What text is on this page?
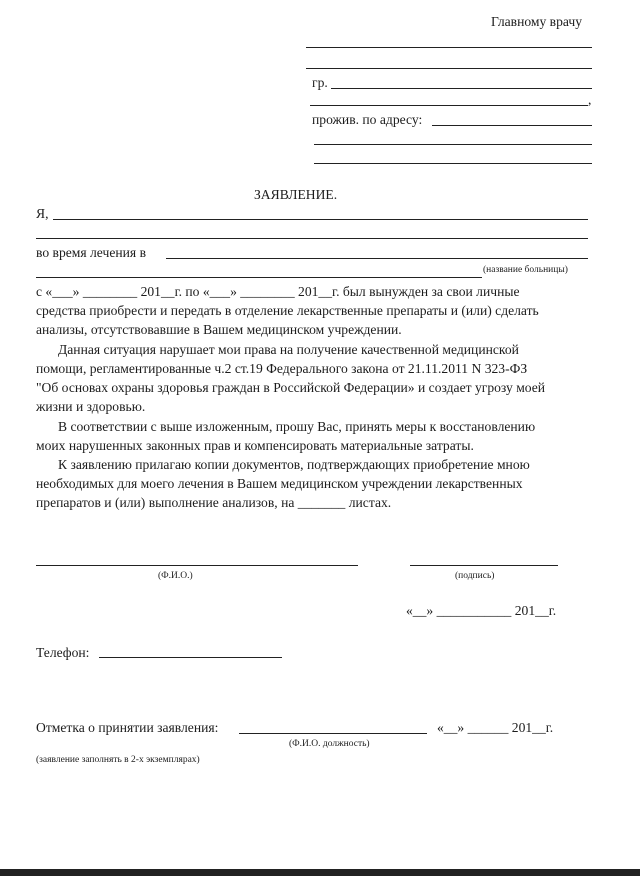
Главному врачу
гр.
,
прожив. по адресу:
ЗАЯВЛЕНИЕ.
Я,
во время лечения в
(название больницы)
с «___» ________ 201__г. по «___» ________ 201__г. был вынужден за свои личные
средства приобрести и передать в отделение лекарственные препараты и (или) сделать
анализы, отсутствовавшие в Вашем медицинском учреждении.
Данная ситуация нарушает мои права на получение качественной медицинской
помощи, регламентированные ч.2 ст.19 Федерального закона от 21.11.2011 N 323-ФЗ
"Об основах охраны здоровья граждан в Российской Федерации» и создает угрозу моей
жизни и здоровью.
В соответствии с выше изложенным, прошу Вас, принять меры к восстановлению
моих нарушенных законных прав и компенсировать материальные затраты.
К заявлению прилагаю копии документов, подтверждающих приобретение мною
необходимых для моего лечения в Вашем медицинском учреждении лекарственных
препаратов и (или) выполнение анализов, на _______ листах.
(Ф.И.О.)	(подпись)
«__» ___________ 201__г.
Телефон:
Отметка о принятии заявления:	«__» ______ 201__г.
(Ф.И.О. должность)
(заявление заполнять в 2-х экземплярах)
